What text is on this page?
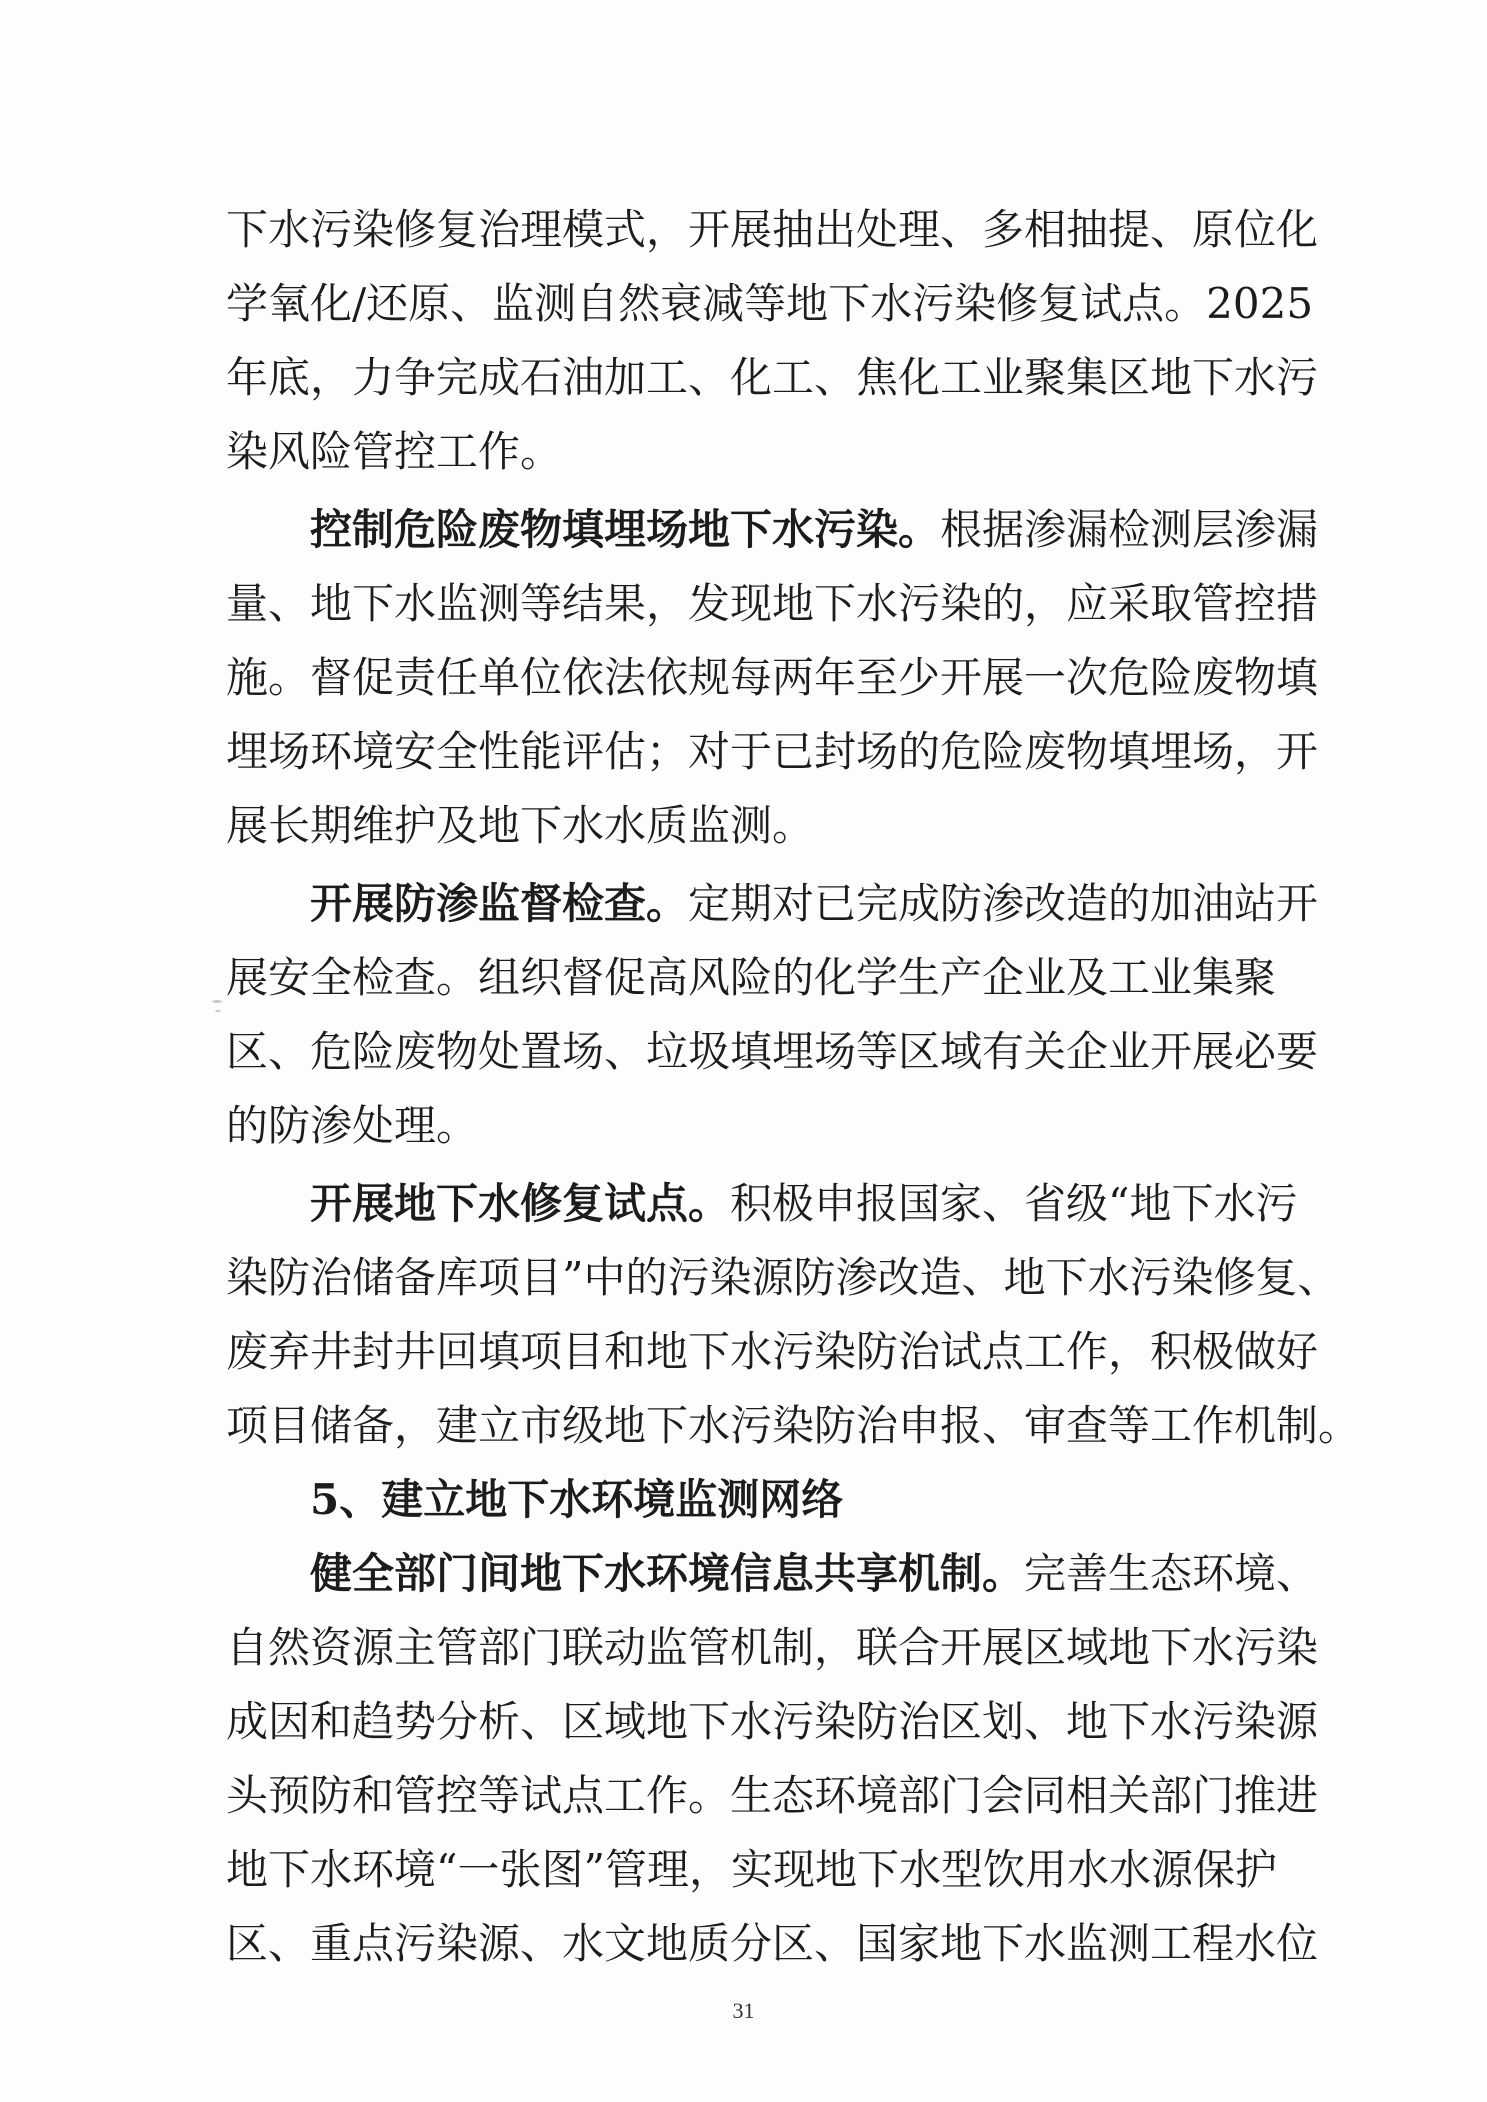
下水污染修复治理模式，开展抽出处理、多相抽提、原位化
学氧化/还原、监测自然衰减等地下水污染修复试点。2025
年底，力争完成石油加工、化工、焦化工业聚集区地下水污
染风险管控工作。
控制危险废物填埋场地下水污染。根据渗漏检测层渗漏
量、地下水监测等结果，发现地下水污染的，应采取管控措
施。督促责任单位依法依规每两年至少开展一次危险废物填
埋场环境安全性能评估；对于已封场的危险废物填埋场，开
展长期维护及地下水水质监测。
开展防渗监督检查。定期对已完成防渗改造的加油站开
展安全检查。组织督促高风险的化学生产企业及工业集聚
区、危险废物处置场、垃圾填埋场等区域有关企业开展必要
的防渗处理。
开展地下水修复试点。积极申报国家、省级“地下水污
染防治储备库项目”中的污染源防渗改造、地下水污染修复、
废弃井封井回填项目和地下水污染防治试点工作，积极做好
项目储备，建立市级地下水污染防治申报、审查等工作机制。
5、建立地下水环境监测网络
健全部门间地下水环境信息共享机制。完善生态环境、
自然资源主管部门联动监管机制，联合开展区域地下水污染
成因和趋势分析、区域地下水污染防治区划、地下水污染源
头预防和管控等试点工作。生态环境部门会同相关部门推进
地下水环境“一张图”管理，实现地下水型饮用水水源保护
区、重点污染源、水文地质分区、国家地下水监测工程水位
31
